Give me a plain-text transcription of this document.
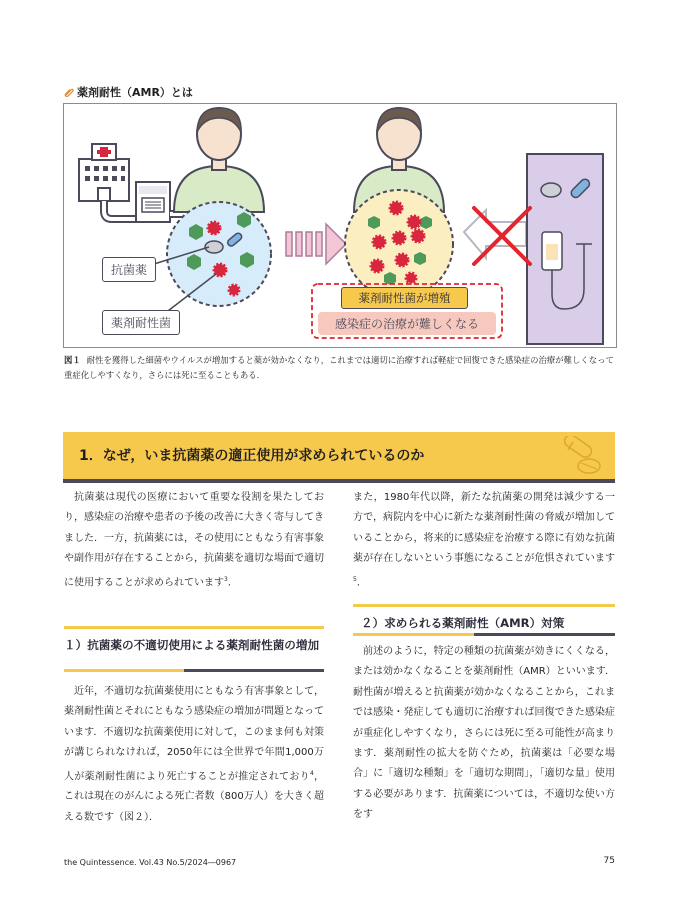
薬剤耐性（AMR）とは
抗菌薬
薬剤耐性菌
薬剤耐性菌が増殖
感染症の治療が難しくなる
図１ 耐性を獲得した細菌やウイルスが増加すると薬が効かなくなり，これまでは適切に治療すれば軽症で回復できた感染症の治療が難しくなって重症化しやすくなり，さらには死に至ることもある．
1．なぜ，いま抗菌薬の適正使用が求められているのか
抗菌薬は現代の医療において重要な役割を果たしており，感染症の治療や患者の予後の改善に大きく寄与してきました．一方，抗菌薬には，その使用にともなう有害事象や副作用が存在することから，抗菌薬を適切な場面で適切に使用することが求められています$^3$．
１）抗菌薬の不適切使用による薬剤耐性菌の増加
近年，不適切な抗菌薬使用にともなう有害事象として，薬剤耐性菌とそれにともなう感染症の増加が問題となっています．不適切な抗菌薬使用に対して，このまま何も対策が講じられなければ，2050年には全世界で年間1,000万人が薬剤耐性菌により死亡することが推定されており$^4$，これは現在のがんによる死亡者数（800万人）を大きく超える数です（図２）．
また，1980年代以降，新たな抗菌薬の開発は減少する一方で，病院内を中心に新たな薬剤耐性菌の脅威が増加していることから，将来的に感染症を治療する際に有効な抗菌薬が存在しないという事態になることが危惧されています$^5$．
２）求められる薬剤耐性（AMR）対策
前述のように，特定の種類の抗菌薬が効きにくくなる，または効かなくなることを薬剤耐性（AMR）といいます．耐性菌が増えると抗菌薬が効かなくなることから，これまでは感染・発症しても適切に治療すれば回復できた感染症が重症化しやすくなり，さらには死に至る可能性が高まります．薬剤耐性の拡大を防ぐため，抗菌薬は「必要な場合」に「適切な種類」を「適切な期間」，「適切な量」使用する必要があります．抗菌薬については，不適切な使い方をす
the Quintessence. Vol.43 No.5/2024―0967	75
